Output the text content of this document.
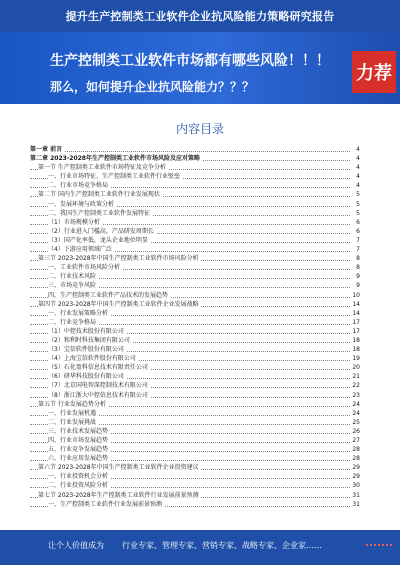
提升生产控制类工业软件企业抗风险能力策略研究报告
生产控制类工业软件市场都有哪些风险！！！
那么，如何提升企业抗风险能力？？？
力荐
内容目录
第一章 前言	4
第二章 2023-2028年生产控制类工业软件市场风险及应对策略	4
第一节 生产控制类工业软件市场特征及竞争分析	4
一、行业市场特征、生产控制类工业软件行业壁垒	4
二、行业市场竞争格局	4
第二节 国内生产控制类工业软件行业发展现状	5
一、发展环境与政策分析	5
二、我国生产控制类工业软件发展特征	5
（1）市场规模分析	6
（2）行业进入门槛高，产品研发周期长	6
（3）国产化率低，龙头企业地位明显	7
（4）下游应用领域广泛	7
第三节 2023-2028年中国生产控制类工业软件市场风险分析	8
一、工业软件市场风险分析	8
二、行业技术风险	9
三、市场竞争风险	9
四、生产控制类工业软件产品技术的发展趋势	10
第四节 2023-2028年中国生产控制类工业软件企业发展战略	14
一、行业发展策略分析	14
二、行业竞争格局	17
（1）中控技术股份有限公司	17
（2）和利时科技集团有限公司	18
（3）宝信软件股份有限公司	18
（4）上海宝信软件股份有限公司	19
（5）石化盈科信息技术有限责任公司	20
（6）研华科技股份有限公司	21
（7）北京国电智深控制技术有限公司	22
（8）浙江浙大中控信息技术有限公司	23
第五节 行业发展趋势分析	24
一、行业发展机遇	24
二、行业发展挑战	25
三、行业技术发展趋势	26
四、行业市场发展趋势	27
五、行业竞争发展趋势	28
六、行业应用发展趋势	28
第六节 2023-2028年中国生产控制类工业软件企业投资建议	29
一、行业投资机会分析	29
二、行业投资风险分析	30
第七节 2023-2028年生产控制类工业软件行业发展前景预测	31
一、生产控制类工业软件行业发展前景预测	31
让个人价值成为 行业专家、管理专家、营销专家、战略专家、企业家……
